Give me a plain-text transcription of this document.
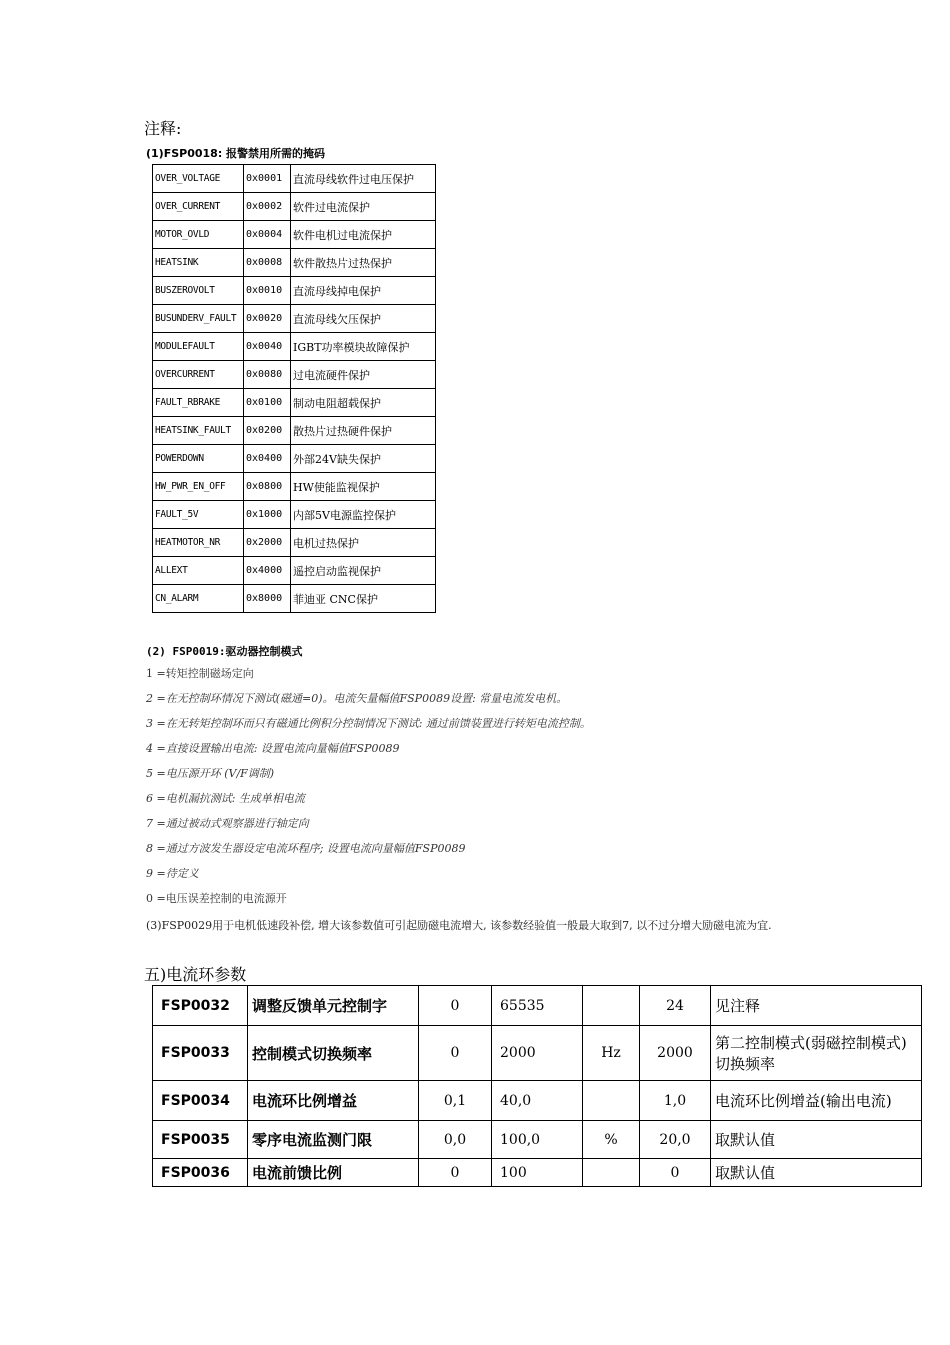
注释:
(1)FSP0018: 报警禁用所需的掩码
OVER_VOLTAGE	0x0001	直流母线软件过电压保护
OVER_CURRENT	0x0002	软件过电流保护
MOTOR_OVLD	0x0004	软件电机过电流保护
HEATSINK	0x0008	软件散热片过热保护
BUSZEROVOLT	0x0010	直流母线掉电保护
BUSUNDERV_FAULT	0x0020	直流母线欠压保护
MODULEFAULT	0x0040	IGBT功率模块故障保护
OVERCURRENT	0x0080	过电流硬件保护
FAULT_RBRAKE	0x0100	制动电阻超载保护
HEATSINK_FAULT	0x0200	散热片过热硬件保护
POWERDOWN	0x0400	外部24V缺失保护
HW_PWR_EN_OFF	0x0800	HW使能监视保护
FAULT_5V	0x1000	内部5V电源监控保护
HEATMOTOR_NR	0x2000	电机过热保护
ALLEXT	0x4000	遥控启动监视保护
CN_ALARM	0x8000	菲迪亚 CNC保护
(2) FSP0019:驱动器控制模式
1 =转矩控制磁场定向
2 =在无控制环情况下测试(磁通=0)。电流矢量幅值FSP0089设置: 常量电流发电机。
3 =在无转矩控制环而只有磁通比例积分控制情况下测试: 通过前馈装置进行转矩电流控制。
4 =直接设置输出电流: 设置电流向量幅值FSP0089
5 =电压源开环 (V/F调制)
6 =电机漏抗测试: 生成单相电流
7 =通过被动式观察器进行轴定向
8 =通过方波发生器设定电流环程序; 设置电流向量幅值FSP0089
9 =待定义
0 =电压误差控制的电流源开
(3)FSP0029用于电机低速段补偿, 增大该参数值可引起励磁电流增大, 该参数经验值一般最大取到7, 以不过分增大励磁电流为宜.
五)电流环参数
FSP0032	调整反馈单元控制字	0	65535		24	见注释
FSP0033	控制模式切换频率	0	2000	Hz	2000	第二控制模式(弱磁控制模式)切换频率
FSP0034	电流环比例增益	0,1	40,0		1,0	电流环比例增益(输出电流)
FSP0035	零序电流监测门限	0,0	100,0	%	20,0	取默认值
FSP0036	电流前馈比例	0	100		0	取默认值
